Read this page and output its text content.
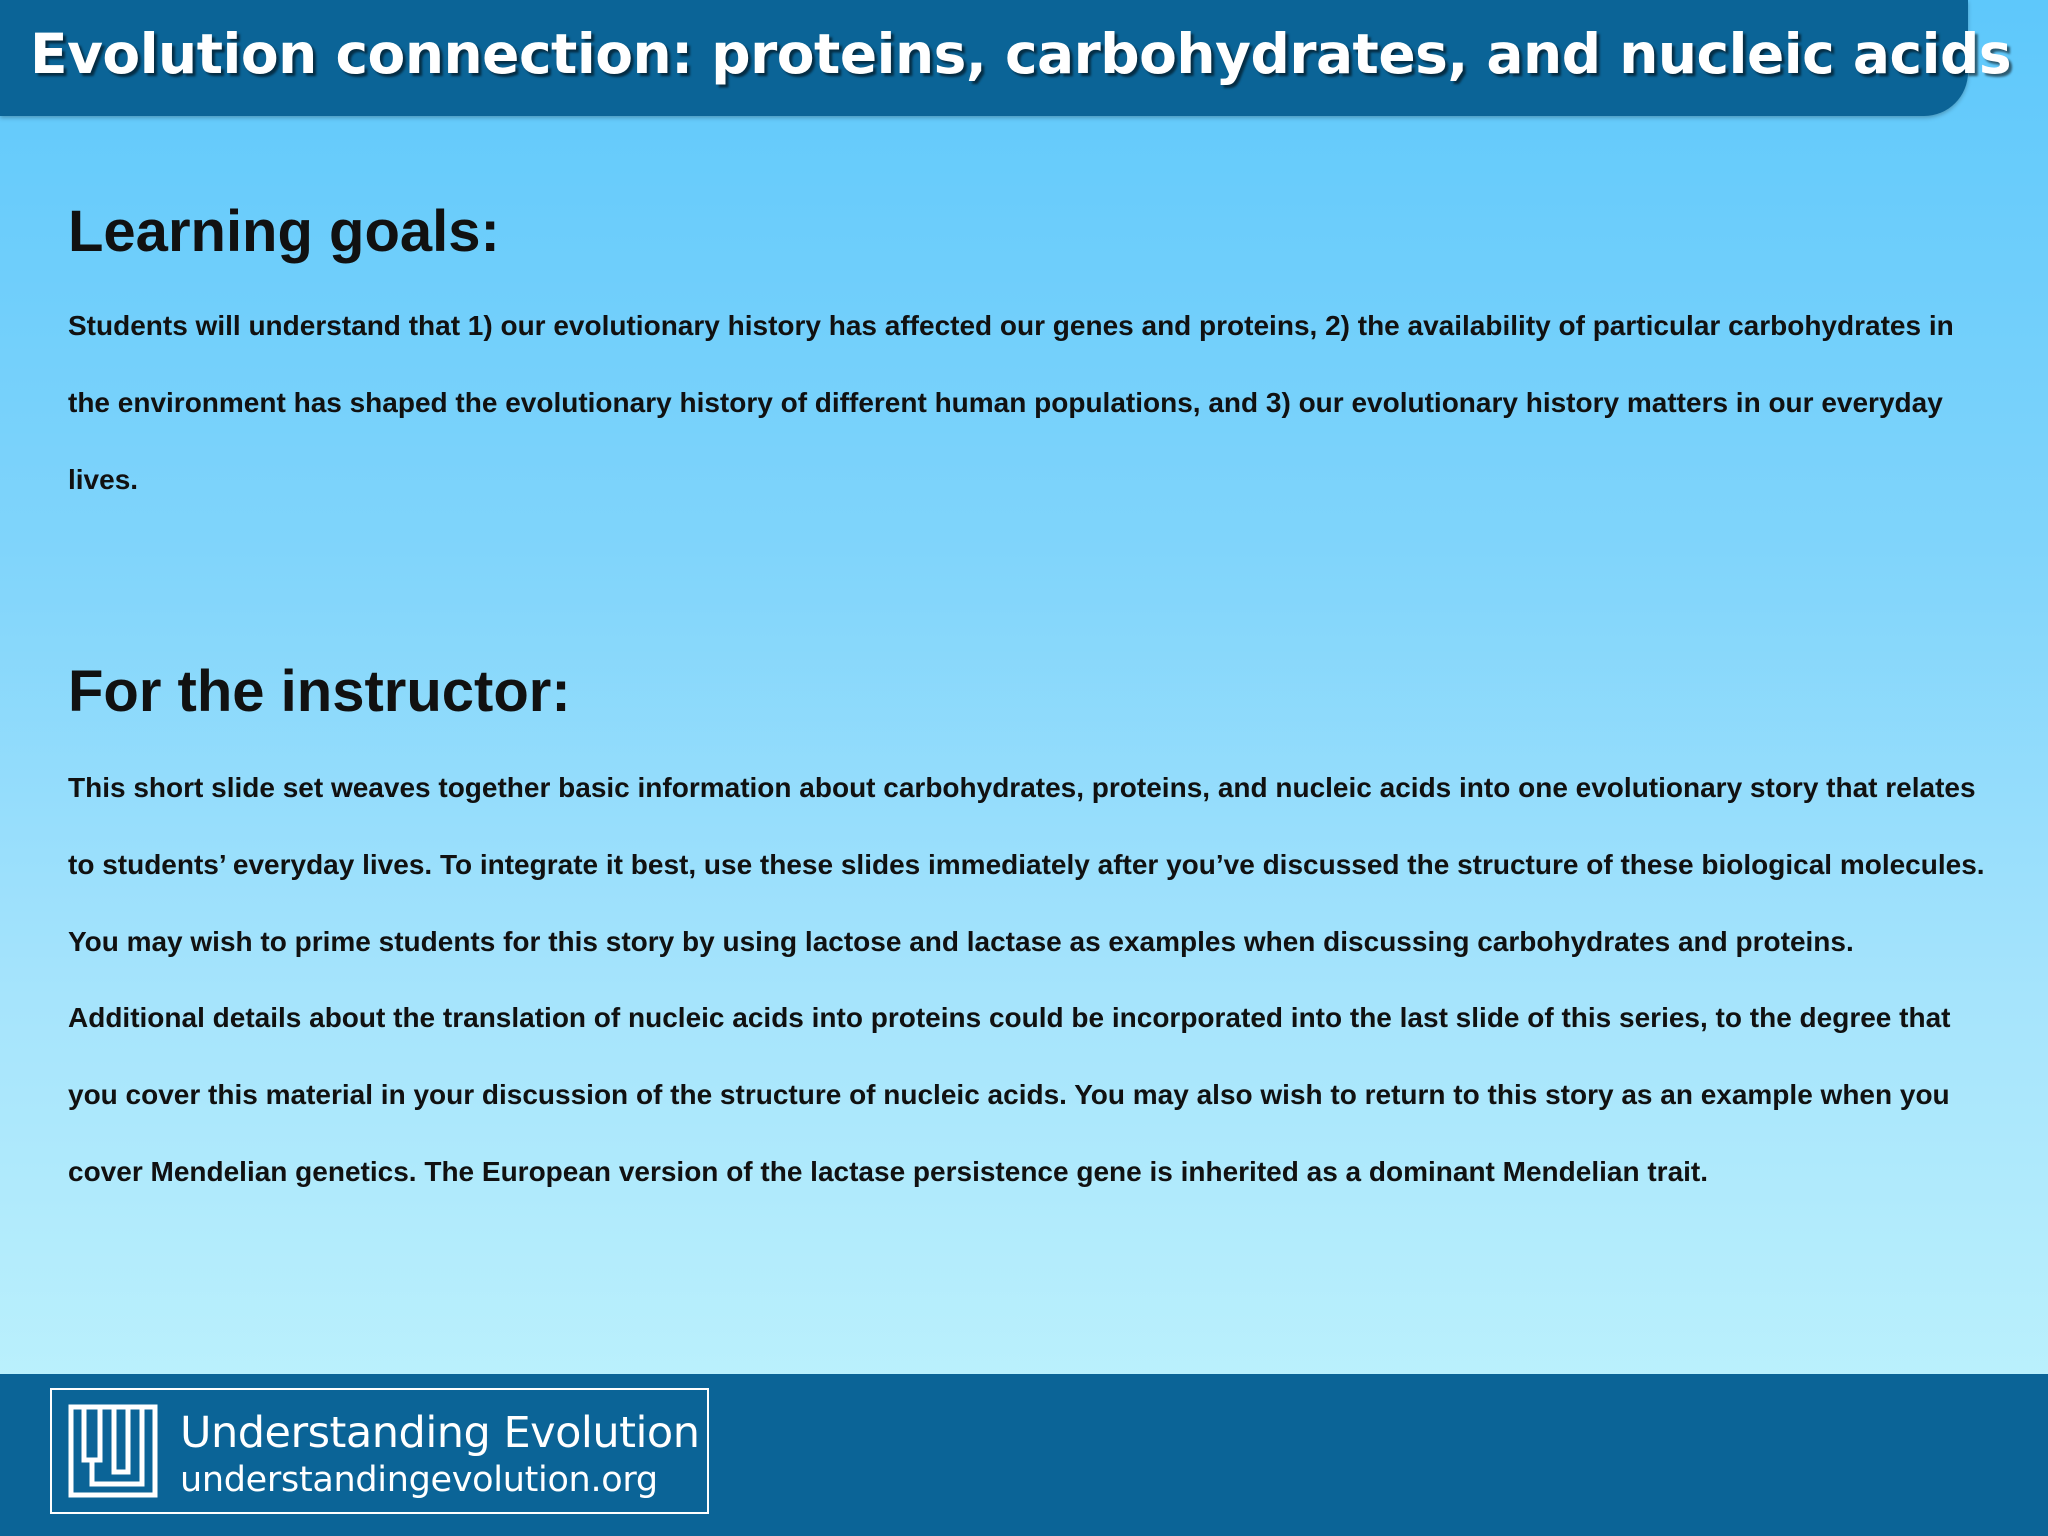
Evolution connection: proteins, carbohydrates, and nucleic acids
Learning goals:
Students will understand that 1) our evolutionary history has affected our genes and proteins, 2) the availability of particular carbohydrates in the environment has shaped the evolutionary history of different human populations, and 3) our evolutionary history matters in our everyday lives.
For the instructor:
This short slide set weaves together basic information about carbohydrates, proteins, and nucleic acids into one evolutionary story that relates to students’ everyday lives. To integrate it best, use these slides immediately after you’ve discussed the structure of these biological molecules. You may wish to prime students for this story by using lactose and lactase as examples when discussing carbohydrates and proteins. Additional details about the translation of nucleic acids into proteins could be incorporated into the last slide of this series, to the degree that you cover this material in your discussion of the structure of nucleic acids. You may also wish to return to this story as an example when you cover Mendelian genetics. The European version of the lactase persistence gene is inherited as a dominant Mendelian trait.
Understanding Evolution
understandingevolution.org
